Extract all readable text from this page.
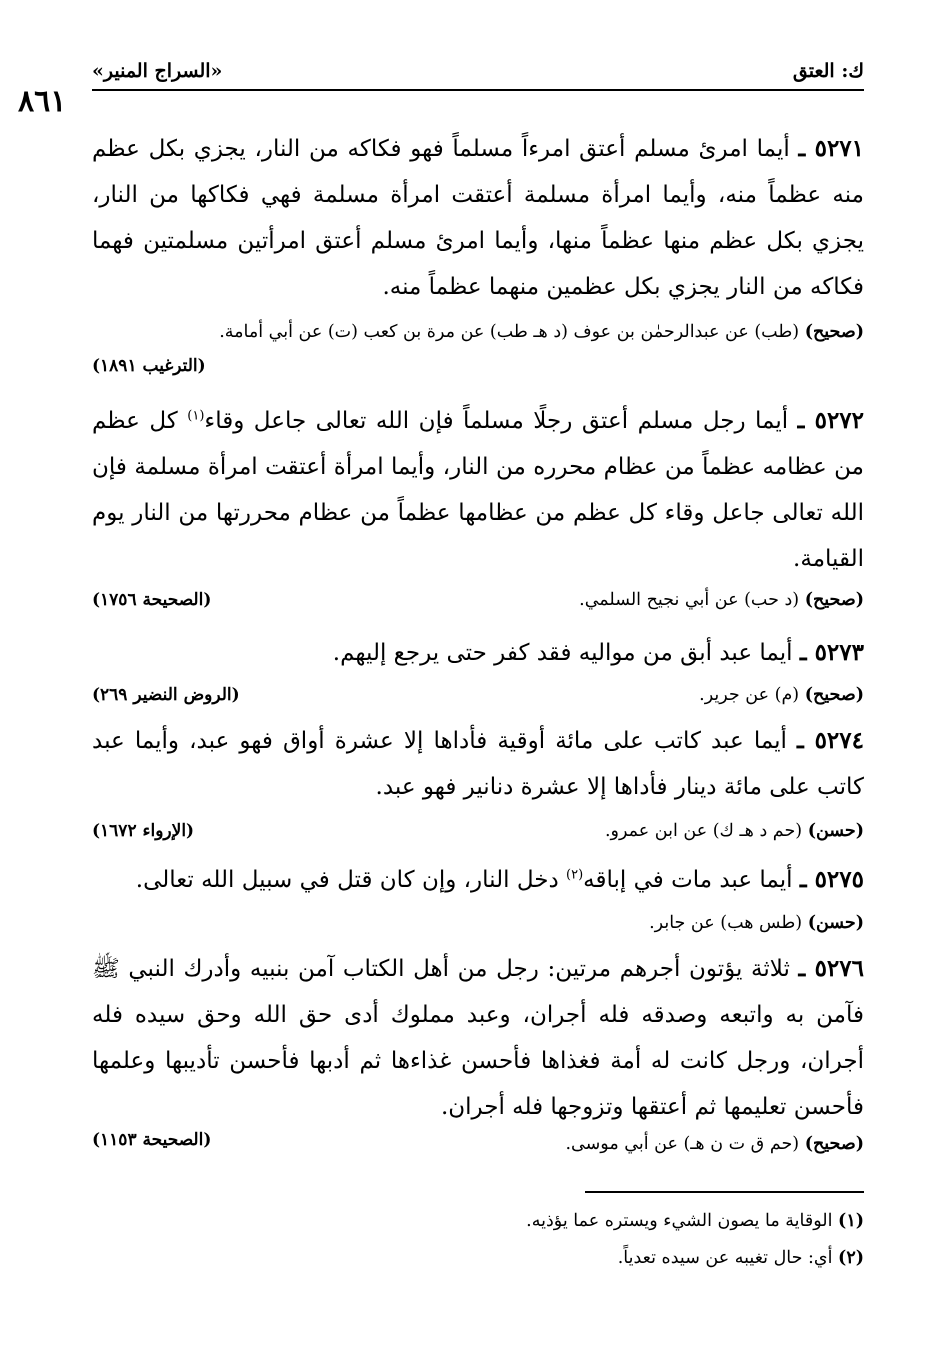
ك: العتق
«السراج المنير»
٨٦١
٥٢٧١ ـ أيما امرئ مسلم أعتق امرءاً مسلماً فهو فكاكه من النار، يجزي بكل عظم منه عظماً منه، وأيما امرأة مسلمة أعتقت امرأة مسلمة فهي فكاكها من النار، يجزي بكل عظم منها عظماً منها، وأيما امرئ مسلم أعتق امرأتين مسلمتين فهما فكاكه من النار يجزي بكل عظمين منهما عظماً منه.
(صحيح) (طب) عن عبدالرحمٰن بن عوف (د هـ طب) عن مرة بن كعب (ت) عن أبي أمامة.
(الترغيب ١٨٩١)
٥٢٧٢ ـ أيما رجل مسلم أعتق رجلًا مسلماً فإن الله تعالى جاعل وقاء$^{(١)}$ كل عظم من عظامه عظماً من عظام محرره من النار، وأيما امرأة أعتقت امرأة مسلمة فإن الله تعالى جاعل وقاء كل عظم من عظامها عظماً من عظام محررتها من النار يوم القيامة.
(صحيح) (د حب) عن أبي نجيح السلمي.
(الصحيحة ١٧٥٦)
٥٢٧٣ ـ أيما عبد أبق من مواليه فقد كفر حتى يرجع إليهم.
(صحيح) (م) عن جرير.
(الروض النضير ٢٦٩)
٥٢٧٤ ـ أيما عبد كاتب على مائة أوقية فأداها إلا عشرة أواق فهو عبد، وأيما عبد كاتب على مائة دينار فأداها إلا عشرة دنانير فهو عبد.
(حسن) (حم د هـ ك) عن ابن عمرو.
(الإرواء ١٦٧٢)
٥٢٧٥ ـ أيما عبد مات في إباقه$^{(٢)}$ دخل النار، وإن كان قتل في سبيل الله تعالى.
(حسن) (طس هب) عن جابر.
٥٢٧٦ ـ ثلاثة يؤتون أجرهم مرتين: رجل من أهل الكتاب آمن بنبيه وأدرك النبي ﷺ فآمن به واتبعه وصدقه فله أجران، وعبد مملوك أدى حق الله وحق سيده فله أجران، ورجل كانت له أمة فغذاها فأحسن غذاءها ثم أدبها فأحسن تأديبها وعلمها فأحسن تعليمها ثم أعتقها وتزوجها فله أجران.
(صحيح) (حم ق ت ن هـ) عن أبي موسى.
(الصحيحة ١١٥٣)
(١) الوقاية ما يصون الشيء ويستره عما يؤذيه.
(٢) أي: حال تغيبه عن سيده تعدياً.
